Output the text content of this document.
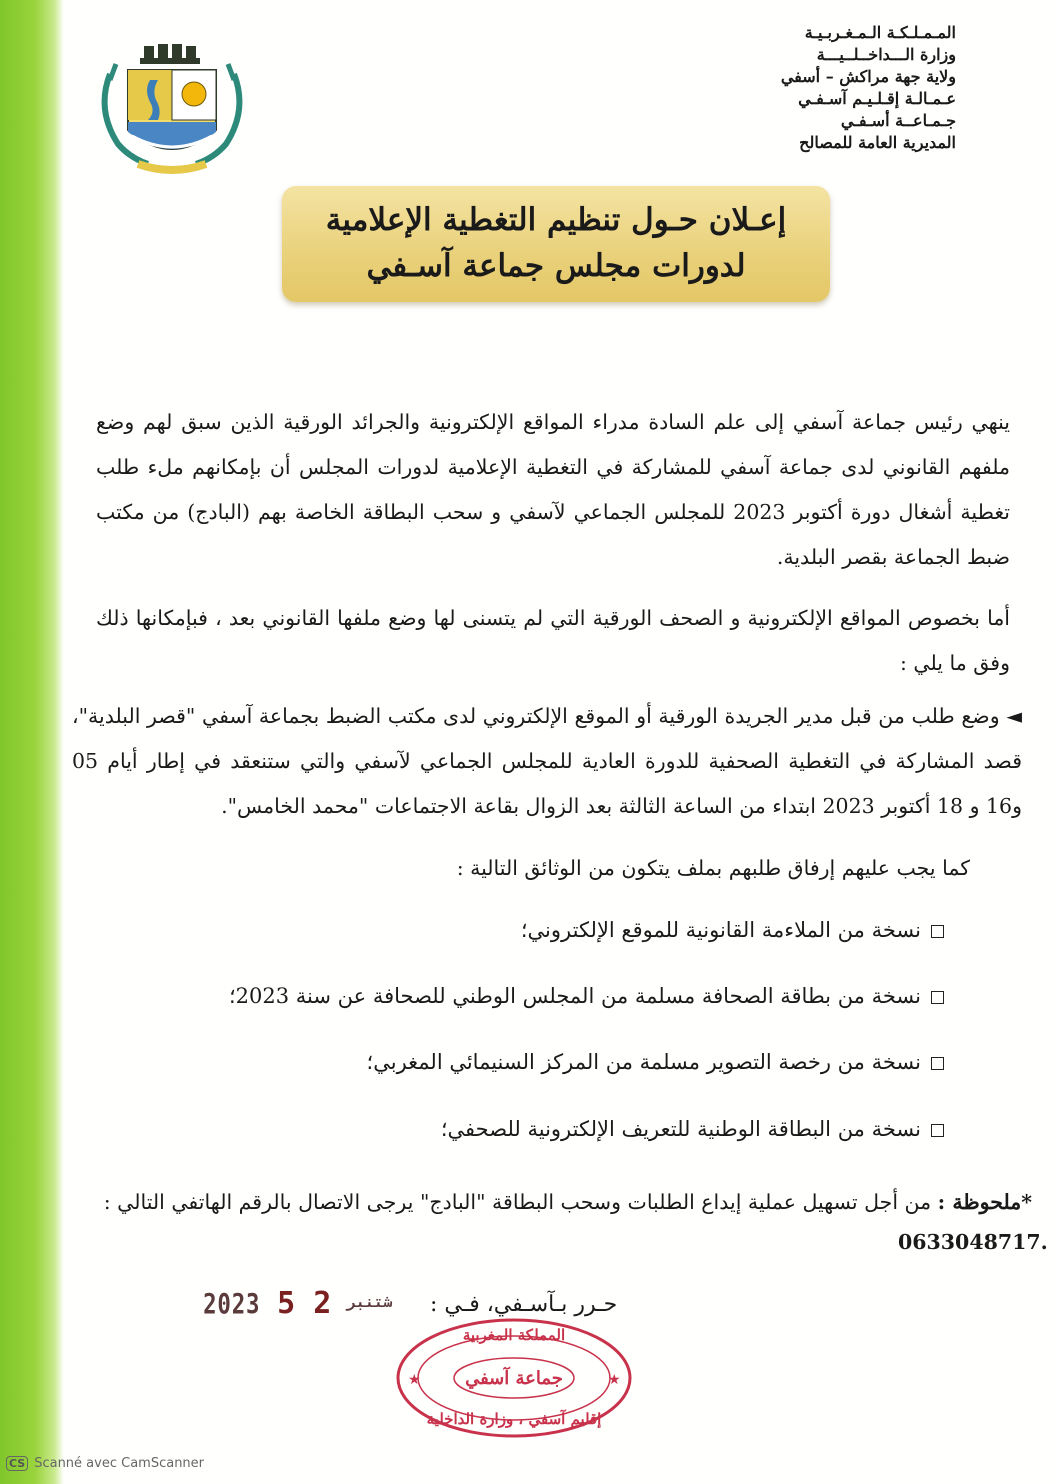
المـمـلـكـة الـمـغـربـيـة
وزارة الـــداخــلــيـــة
ولاية جهة مراكش – أسفي
عـمـالـة إقـلـيـم آسـفـي
جـمـاعــة أسـفـي
المديرية العامة للمصالح
إعـلان حـول تنظيم التغطية الإعلامية
لدورات مجلس جماعة آسـفي
ينهي رئيس جماعة آسفي إلى علم السادة مدراء المواقع الإلكترونية والجرائد الورقية الذين سبق لهم وضع ملفهم القانوني لدى جماعة آسفي للمشاركة في التغطية الإعلامية لدورات المجلس أن بإمكانهم ملء طلب تغطية أشغال دورة أكتوبر 2023 للمجلس الجماعي لآسفي و سحب البطاقة الخاصة بهم (البادج) من مكتب ضبط الجماعة بقصر البلدية.
أما بخصوص المواقع الإلكترونية و الصحف الورقية التي لم يتسنى لها وضع ملفها القانوني بعد ، فبإمكانها ذلك وفق ما يلي :
◄ وضع طلب من قبل مدير الجريدة الورقية أو الموقع الإلكتروني لدى مكتب الضبط بجماعة آسفي "قصر البلدية"، قصد المشاركة في التغطية الصحفية للدورة العادية للمجلس الجماعي لآسفي والتي ستنعقد في إطار أيام 05 و16 و 18 أكتوبر 2023 ابتداء من الساعة الثالثة بعد الزوال بقاعة الاجتماعات "محمد الخامس".
كما يجب عليهم إرفاق طلبهم بملف يتكون من الوثائق التالية :
نسخة من الملاءمة القانونية للموقع الإلكتروني؛
نسخة من بطاقة الصحافة مسلمة من المجلس الوطني للصحافة عن سنة 2023؛
نسخة من رخصة التصوير مسلمة من المركز السنيمائي المغربي؛
نسخة من البطاقة الوطنية للتعريف الإلكترونية للصحفي؛
*ملحوظة : من أجل تسهيل عملية إيداع الطلبات وسحب البطاقة "البادج" يرجى الاتصال بالرقم الهاتفي التالي :
0633048717.
حـرر بـآسـفي، فـي :
2023	شتنبر 2 5
المملكة المغربية
جماعة آسفي
إقليم آسفي ، وزارة الداخلية
★	★
CS Scanné avec CamScanner
